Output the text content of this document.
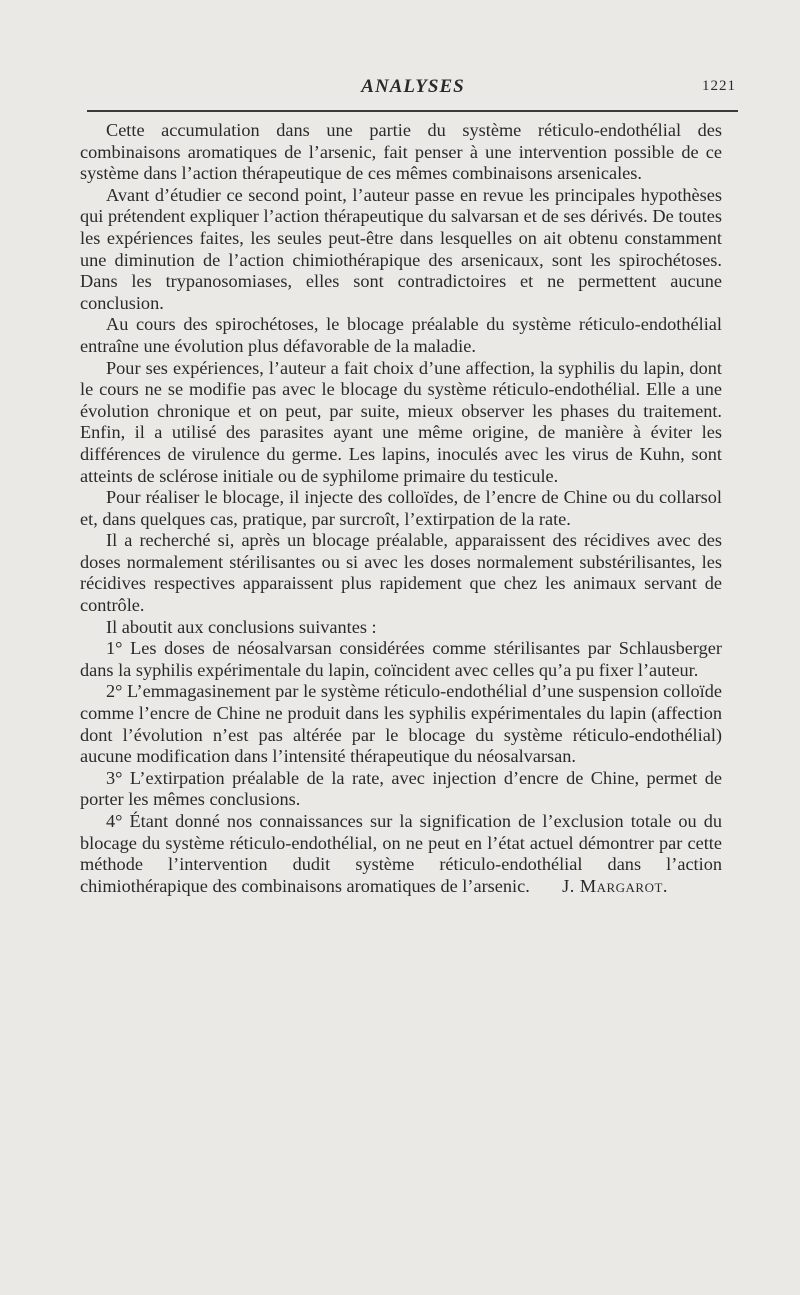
ANALYSES	1221

Cette accumulation dans une partie du système réticulo-endothélial des combinaisons aromatiques de l’arsenic, fait penser à une intervention possible de ce système dans l’action thérapeutique de ces mêmes combinaisons arsenicales.

Avant d’étudier ce second point, l’auteur passe en revue les principales hypothèses qui prétendent expliquer l’action thérapeutique du salvarsan et de ses dérivés. De toutes les expériences faites, les seules peut-être dans lesquelles on ait obtenu constamment une diminution de l’action chimiothérapique des arsenicaux, sont les spirochétoses. Dans les trypanosomiases, elles sont contradictoires et ne permettent aucune conclusion.

Au cours des spirochétoses, le blocage préalable du système réticulo-endothélial entraîne une évolution plus défavorable de la maladie.

Pour ses expériences, l’auteur a fait choix d’une affection, la syphilis du lapin, dont le cours ne se modifie pas avec le blocage du système réticulo-endothélial. Elle a une évolution chronique et on peut, par suite, mieux observer les phases du traitement. Enfin, il a utilisé des parasites ayant une même origine, de manière à éviter les différences de virulence du germe. Les lapins, inoculés avec les virus de Kuhn, sont atteints de sclérose initiale ou de syphilome primaire du testicule.

Pour réaliser le blocage, il injecte des colloïdes, de l’encre de Chine ou du collarsol et, dans quelques cas, pratique, par surcroît, l’extirpation de la rate.

Il a recherché si, après un blocage préalable, apparaissent des récidives avec des doses normalement stérilisantes ou si avec les doses normalement substérilisantes, les récidives respectives apparaissent plus rapidement que chez les animaux servant de contrôle.

Il aboutit aux conclusions suivantes :

1° Les doses de néosalvarsan considérées comme stérilisantes par Schlausberger dans la syphilis expérimentale du lapin, coïncident avec celles qu’a pu fixer l’auteur.

2° L’emmagasinement par le système réticulo-endothélial d’une suspension colloïde comme l’encre de Chine ne produit dans les syphilis expérimentales du lapin (affection dont l’évolution n’est pas altérée par le blocage du système réticulo-endothélial) aucune modification dans l’intensité thérapeutique du néosalvarsan.

3° L’extirpation préalable de la rate, avec injection d’encre de Chine, permet de porter les mêmes conclusions.

4° Étant donné nos connaissances sur la signification de l’exclusion totale ou du blocage du système réticulo-endothélial, on ne peut en l’état actuel démontrer par cette méthode l’intervention dudit système réticulo-endothélial dans l’action chimiothérapique des combinaisons aromatiques de l’arsenic.	J. Margarot.
